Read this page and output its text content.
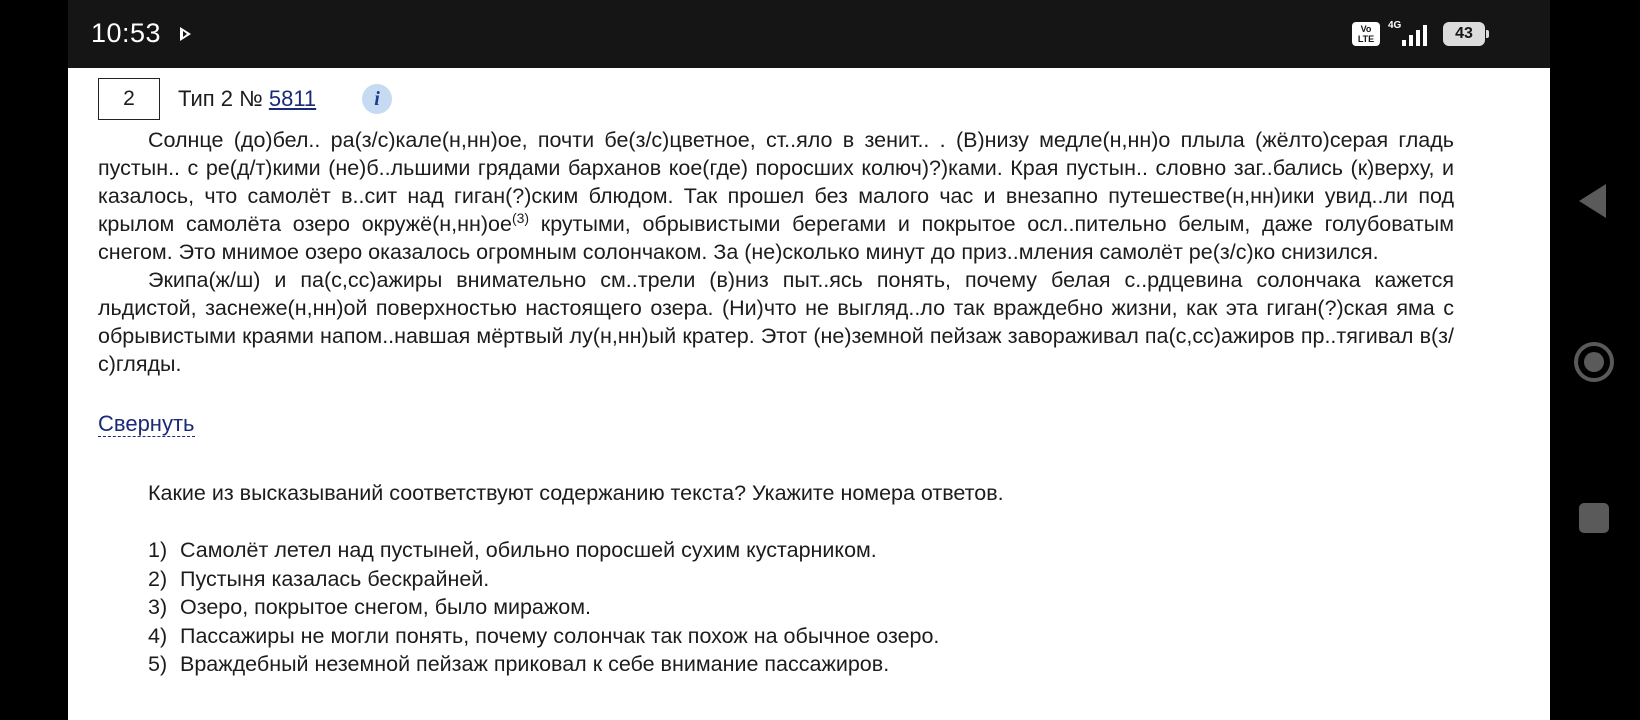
10:53	Vo LTE
4G	43
2	Тип 2 № 5811	i

Солнце (до)бел.. ра(з/с)кале(н,нн)ое, почти бе(з/с)цветное, ст..яло в зенит.. . (В)низу медле(н,нн)о плыла (жёлто)серая гладь пустын.. с ре(д/т)кими (не)б..льшими грядами барханов кое(где) поросших колюч)?)ками. Края пустын.. словно заг..бались (к)верху, и казалось, что самолёт в..сит над гиган(?)ским блюдом. Так прошел без малого час и внезапно путешестве(н,нн)ики увид..ли под крылом самолёта озеро $окружё(н,нн)ое^{(3)}$ крутыми, обрывистыми берегами и покрытое осл..пительно белым, даже голубоватым снегом. Это мнимое озеро оказалось огромным солончаком. За (не)сколько минут до приз..мления самолёт ре(з/с)ко снизился.

Экипа(ж/ш) и па(с,сс)ажиры внимательно см..трели (в)низ пыт..ясь понять, почему белая с..рдцевина солончака кажется льдистой, заснеже(н,нн)ой поверхностью настоящего озера. (Ни)что не выгляд..ло так враждебно жизни, как эта гиган(?)ская яма с обрывистыми краями напом..навшая мёртвый лу(н,нн)ый кратер. Этот (не)земной пейзаж завораживал па(с,сс)ажиров пр..тягивал в(з/с)гляды.

Свернуть
Какие из высказываний соответствуют содержанию текста? Укажите номера ответов.
1) Самолёт летел над пустыней, обильно поросшей сухим кустарником.
2) Пустыня казалась бескрайней.
3) Озеро, покрытое снегом, было миражом.
4) Пассажиры не могли понять, почему солончак так похож на обычное озеро.
5) Враждебный неземной пейзаж приковал к себе внимание пассажиров.
